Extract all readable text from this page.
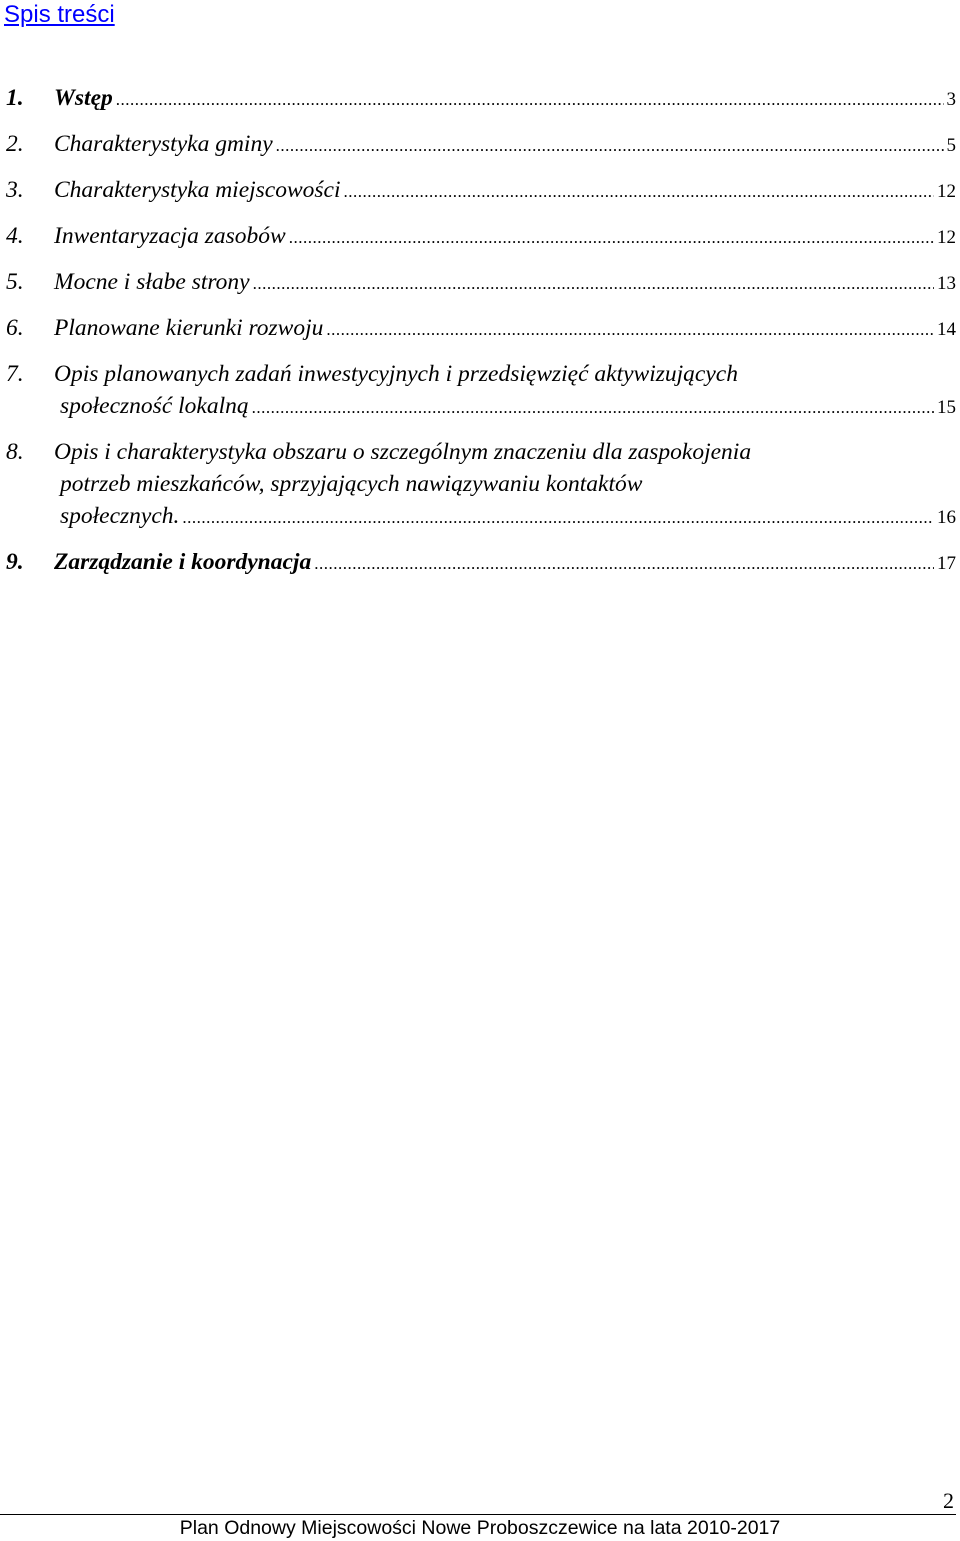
Spis treści
1.	Wstęp .....	3
2.	Charakterystyka gminy .....	5
3.	Charakterystyka miejscowości .....	12
4.	Inwentaryzacja zasobów .....	12
5.	Mocne i słabe strony .....	13
6.	Planowane kierunki rozwoju .....	14
7.	Opis planowanych zadań inwestycyjnych i przedsięwzięć aktywizujących
społeczność lokalną .....	15
8.	Opis i charakterystyka obszaru o szczególnym znaczeniu dla zaspokojenia
potrzeb mieszkańców, sprzyjających nawiązywaniu kontaktów
społecznych. .....	16
9.	Zarządzanie i koordynacja .....	17
2
Plan Odnowy Miejscowości Nowe Proboszczewice na lata 2010-2017
